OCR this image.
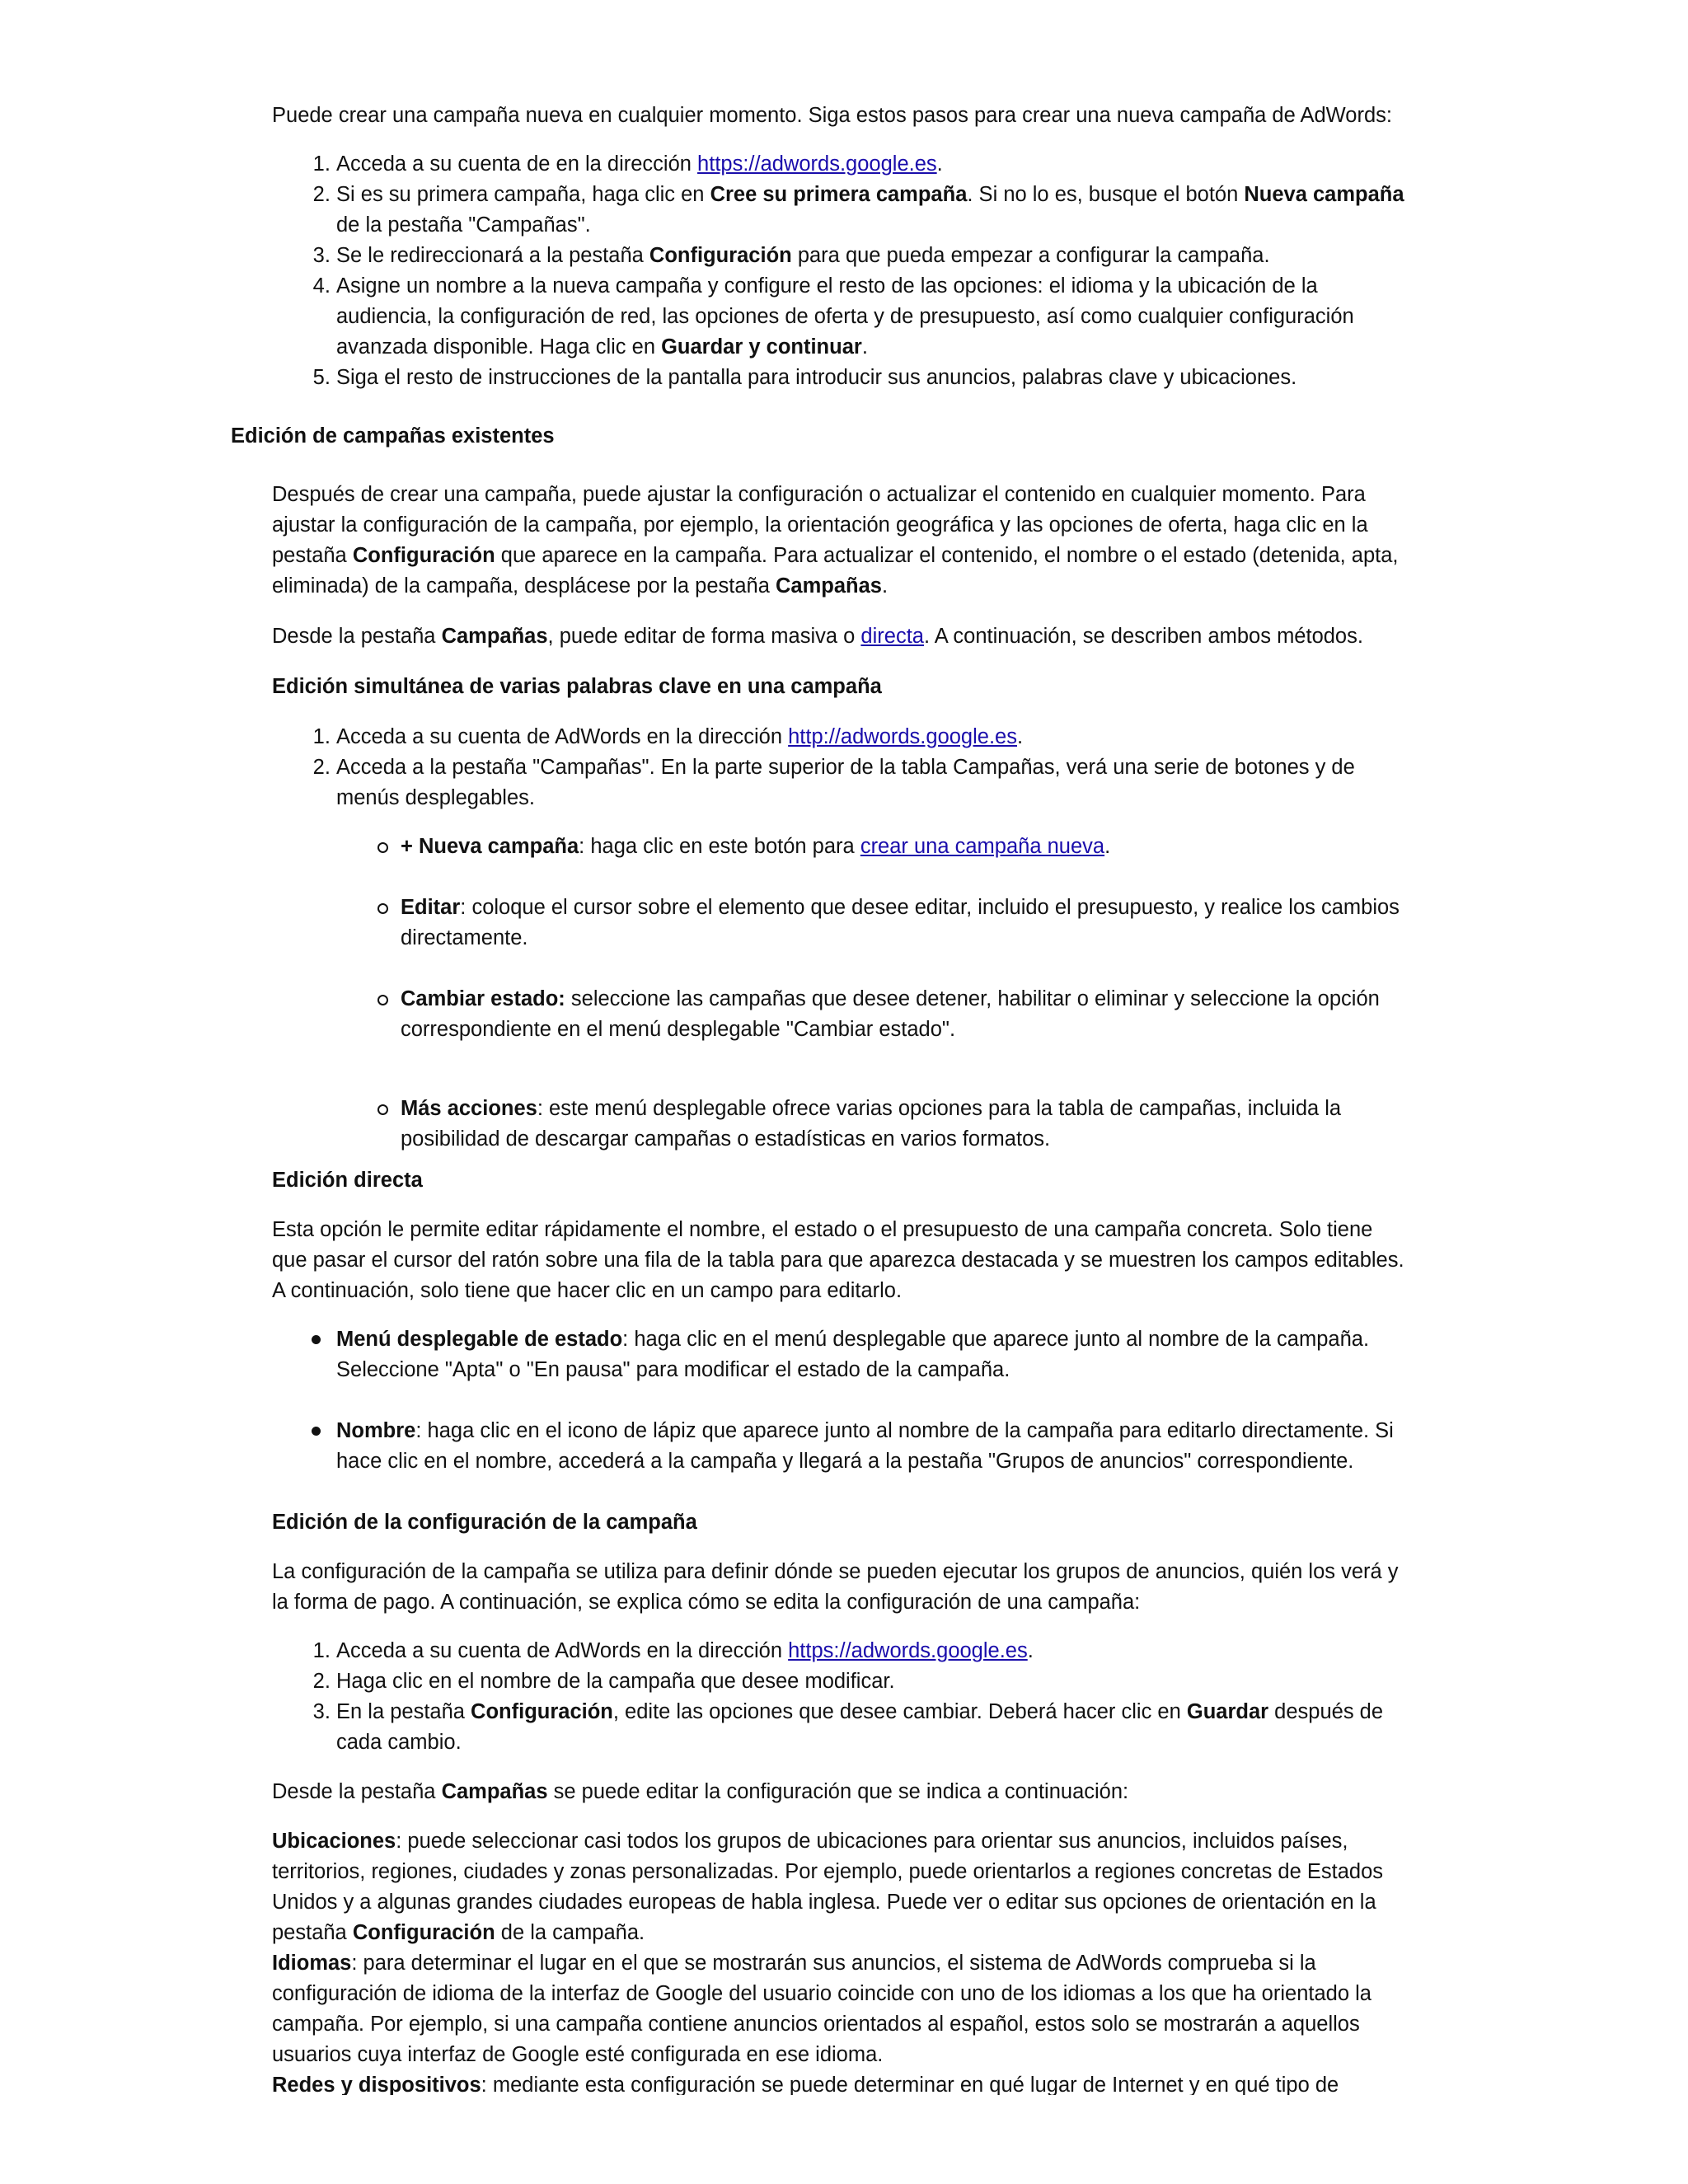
Puede crear una campaña nueva en cualquier momento. Siga estos pasos para crear una nueva campaña de AdWords:

1. Acceda a su cuenta de en la dirección https://adwords.google.es.
2. Si es su primera campaña, haga clic en Cree su primera campaña. Si no lo es, busque el botón Nueva campaña de la pestaña "Campañas".
3. Se le redireccionará a la pestaña Configuración para que pueda empezar a configurar la campaña.
4. Asigne un nombre a la nueva campaña y configure el resto de las opciones: el idioma y la ubicación de la audiencia, la configuración de red, las opciones de oferta y de presupuesto, así como cualquier configuración avanzada disponible. Haga clic en Guardar y continuar.
5. Siga el resto de instrucciones de la pantalla para introducir sus anuncios, palabras clave y ubicaciones.

Edición de campañas existentes

Después de crear una campaña, puede ajustar la configuración o actualizar el contenido en cualquier momento. Para ajustar la configuración de la campaña, por ejemplo, la orientación geográfica y las opciones de oferta, haga clic en la pestaña Configuración que aparece en la campaña. Para actualizar el contenido, el nombre o el estado (detenida, apta, eliminada) de la campaña, desplácese por la pestaña Campañas.

Desde la pestaña Campañas, puede editar de forma masiva o directa. A continuación, se describen ambos métodos.

Edición simultánea de varias palabras clave en una campaña

1. Acceda a su cuenta de AdWords en la dirección http://adwords.google.es.
2. Acceda a la pestaña "Campañas". En la parte superior de la tabla Campañas, verá una serie de botones y de menús desplegables.
+ Nueva campaña: haga clic en este botón para crear una campaña nueva.
Editar: coloque el cursor sobre el elemento que desee editar, incluido el presupuesto, y realice los cambios directamente.
Cambiar estado: seleccione las campañas que desee detener, habilitar o eliminar y seleccione la opción correspondiente en el menú desplegable "Cambiar estado".
Más acciones: este menú desplegable ofrece varias opciones para la tabla de campañas, incluida la posibilidad de descargar campañas o estadísticas en varios formatos.

Edición directa

Esta opción le permite editar rápidamente el nombre, el estado o el presupuesto de una campaña concreta. Solo tiene que pasar el cursor del ratón sobre una fila de la tabla para que aparezca destacada y se muestren los campos editables. A continuación, solo tiene que hacer clic en un campo para editarlo.

Menú desplegable de estado: haga clic en el menú desplegable que aparece junto al nombre de la campaña. Seleccione "Apta" o "En pausa" para modificar el estado de la campaña.
Nombre: haga clic en el icono de lápiz que aparece junto al nombre de la campaña para editarlo directamente. Si hace clic en el nombre, accederá a la campaña y llegará a la pestaña "Grupos de anuncios" correspondiente.

Edición de la configuración de la campaña

La configuración de la campaña se utiliza para definir dónde se pueden ejecutar los grupos de anuncios, quién los verá y la forma de pago. A continuación, se explica cómo se edita la configuración de una campaña:

1. Acceda a su cuenta de AdWords en la dirección https://adwords.google.es.
2. Haga clic en el nombre de la campaña que desee modificar.
3. En la pestaña Configuración, edite las opciones que desee cambiar. Deberá hacer clic en Guardar después de cada cambio.

Desde la pestaña Campañas se puede editar la configuración que se indica a continuación:

Ubicaciones: puede seleccionar casi todos los grupos de ubicaciones para orientar sus anuncios, incluidos países, territorios, regiones, ciudades y zonas personalizadas. Por ejemplo, puede orientarlos a regiones concretas de Estados Unidos y a algunas grandes ciudades europeas de habla inglesa. Puede ver o editar sus opciones de orientación en la pestaña Configuración de la campaña.

Idiomas: para determinar el lugar en el que se mostrarán sus anuncios, el sistema de AdWords comprueba si la configuración de idioma de la interfaz de Google del usuario coincide con uno de los idiomas a los que ha orientado la campaña. Por ejemplo, si una campaña contiene anuncios orientados al español, estos solo se mostrarán a aquellos usuarios cuya interfaz de Google esté configurada en ese idioma.

Redes y dispositivos: mediante esta configuración se puede determinar en qué lugar de Internet y en qué tipo de
